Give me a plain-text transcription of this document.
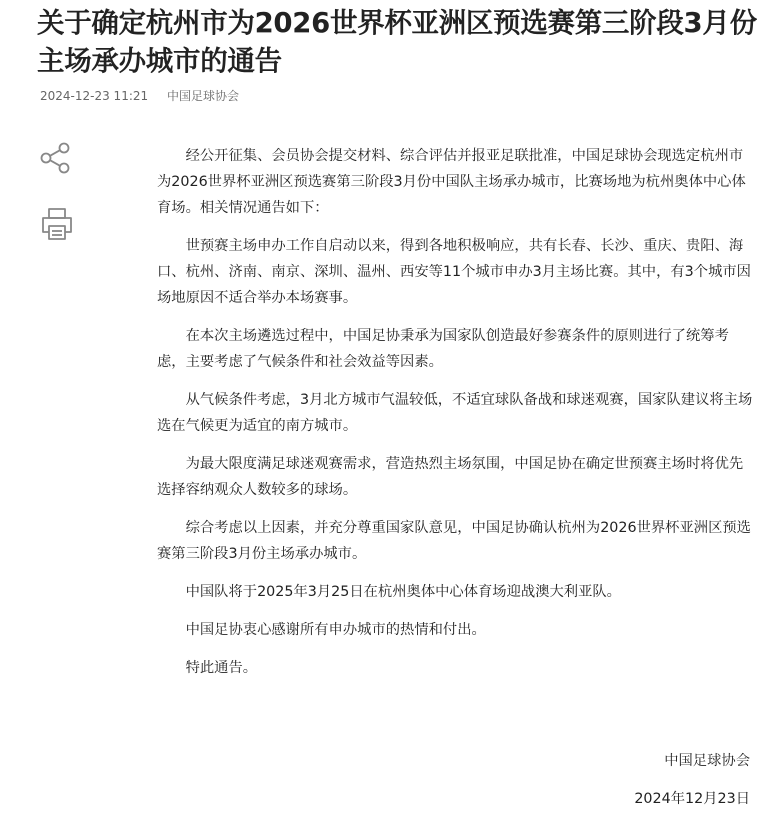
关于确定杭州市为2026世界杯亚洲区预选赛第三阶段3月份主场承办城市的通告
2024-12-23 11:21 中国足球协会

经公开征集、会员协会提交材料、综合评估并报亚足联批准，中国足球协会现选定杭州市为2026世界杯亚洲区预选赛第三阶段3月份中国队主场承办城市，比赛场地为杭州奥体中心体育场。相关情况通告如下：

世预赛主场申办工作自启动以来，得到各地积极响应，共有长春、长沙、重庆、贵阳、海口、杭州、济南、南京、深圳、温州、西安等11个城市申办3月主场比赛。其中，有3个城市因场地原因不适合举办本场赛事。

在本次主场遴选过程中，中国足协秉承为国家队创造最好参赛条件的原则进行了统筹考虑，主要考虑了气候条件和社会效益等因素。

从气候条件考虑，3月北方城市气温较低，不适宜球队备战和球迷观赛，国家队建议将主场选在气候更为适宜的南方城市。

为最大限度满足球迷观赛需求，营造热烈主场氛围，中国足协在确定世预赛主场时将优先选择容纳观众人数较多的球场。

综合考虑以上因素，并充分尊重国家队意见，中国足协确认杭州为2026世界杯亚洲区预选赛第三阶段3月份主场承办城市。

中国队将于2025年3月25日在杭州奥体中心体育场迎战澳大利亚队。

中国足协衷心感谢所有申办城市的热情和付出。

特此通告。

中国足球协会
2024年12月23日
